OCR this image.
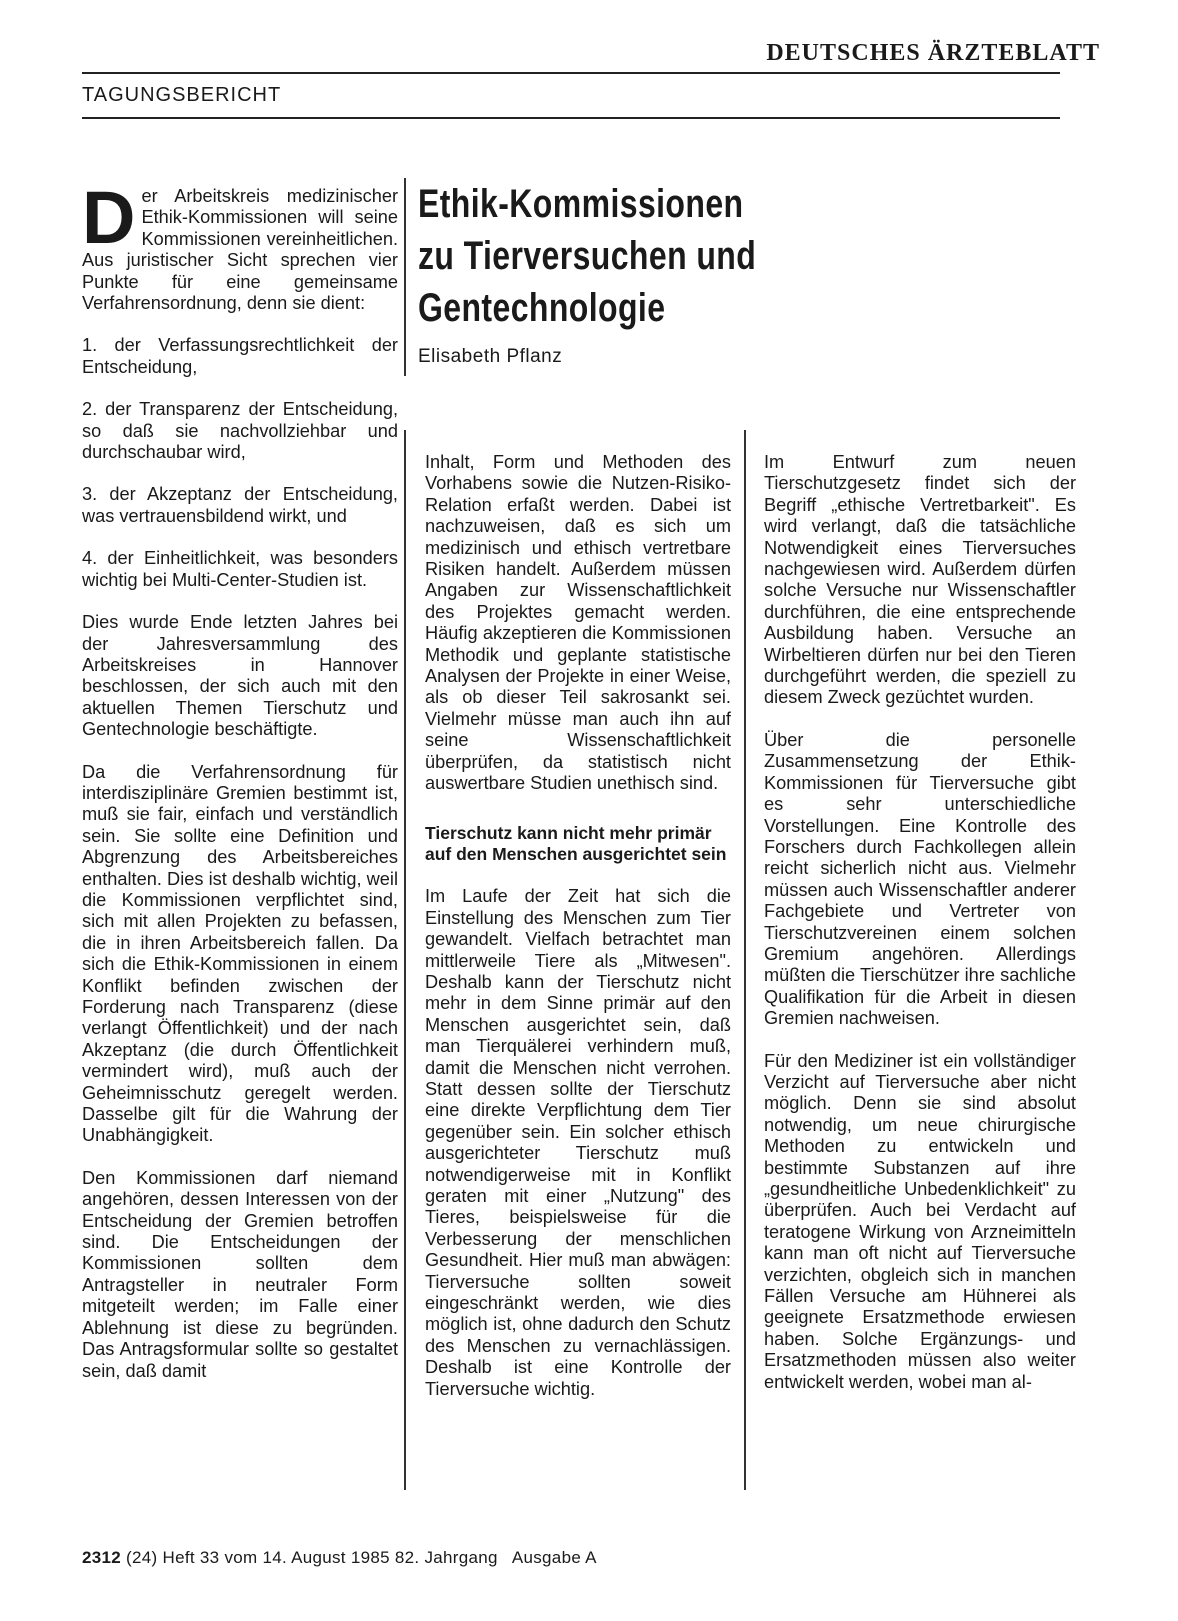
DEUTSCHES ÄRZTEBLATT
TAGUNGSBERICHT

Der Arbeitskreis medizinischer Ethik-Kommissionen will seine Kommissionen vereinheitlichen. Aus juristischer Sicht sprechen vier Punkte für eine gemeinsame Verfahrensordnung, denn sie dient:

1. der Verfassungsrechtlichkeit der Entscheidung,

2. der Transparenz der Entscheidung, so daß sie nachvollziehbar und durchschaubar wird,

3. der Akzeptanz der Entscheidung, was vertrauensbildend wirkt, und

4. der Einheitlichkeit, was besonders wichtig bei Multi-Center-Studien ist.

Dies wurde Ende letzten Jahres bei der Jahresversammlung des Arbeitskreises in Hannover beschlossen, der sich auch mit den aktuellen Themen Tierschutz und Gentechnologie beschäftigte.

Da die Verfahrensordnung für interdisziplinäre Gremien bestimmt ist, muß sie fair, einfach und verständlich sein. Sie sollte eine Definition und Abgrenzung des Arbeitsbereiches enthalten. Dies ist deshalb wichtig, weil die Kommissionen verpflichtet sind, sich mit allen Projekten zu befassen, die in ihren Arbeitsbereich fallen. Da sich die Ethik-Kommissionen in einem Konflikt befinden zwischen der Forderung nach Transparenz (diese verlangt Öffentlichkeit) und der nach Akzeptanz (die durch Öffentlichkeit vermindert wird), muß auch der Geheimnisschutz geregelt werden. Dasselbe gilt für die Wahrung der Unabhängigkeit.

Den Kommissionen darf niemand angehören, dessen Interessen von der Entscheidung der Gremien betroffen sind. Die Entscheidungen der Kommissionen sollten dem Antragsteller in neutraler Form mitgeteilt werden; im Falle einer Ablehnung ist diese zu begründen. Das Antragsformular sollte so gestaltet sein, daß damit

Ethik-Kommissionen
zu Tierversuchen und Gentechnologie
Elisabeth Pflanz

Inhalt, Form und Methoden des Vorhabens sowie die Nutzen-Risiko-Relation erfaßt werden. Dabei ist nachzuweisen, daß es sich um medizinisch und ethisch vertretbare Risiken handelt. Außerdem müssen Angaben zur Wissenschaftlichkeit des Projektes gemacht werden. Häufig akzeptieren die Kommissionen Methodik und geplante statistische Analysen der Projekte in einer Weise, als ob dieser Teil sakrosankt sei. Vielmehr müsse man auch ihn auf seine Wissenschaftlichkeit überprüfen, da statistisch nicht auswertbare Studien unethisch sind.

Tierschutz kann nicht mehr primär auf den Menschen ausgerichtet sein

Im Laufe der Zeit hat sich die Einstellung des Menschen zum Tier gewandelt. Vielfach betrachtet man mittlerweile Tiere als „Mitwesen". Deshalb kann der Tierschutz nicht mehr in dem Sinne primär auf den Menschen ausgerichtet sein, daß man Tierquälerei verhindern muß, damit die Menschen nicht verrohen. Statt dessen sollte der Tierschutz eine direkte Verpflichtung dem Tier gegenüber sein. Ein solcher ethisch ausgerichteter Tierschutz muß notwendigerweise mit in Konflikt geraten mit einer „Nutzung" des Tieres, beispielsweise für die Verbesserung der menschlichen Gesundheit. Hier muß man abwägen: Tierversuche sollten soweit eingeschränkt werden, wie dies möglich ist, ohne dadurch den Schutz des Menschen zu vernachlässigen. Deshalb ist eine Kontrolle der Tierversuche wichtig.

Im Entwurf zum neuen Tierschutzgesetz findet sich der Begriff „ethische Vertretbarkeit". Es wird verlangt, daß die tatsächliche Notwendigkeit eines Tierversuches nachgewiesen wird. Außerdem dürfen solche Versuche nur Wissenschaftler durchführen, die eine entsprechende Ausbildung haben. Versuche an Wirbeltieren dürfen nur bei den Tieren durchgeführt werden, die speziell zu diesem Zweck gezüchtet wurden.

Über die personelle Zusammensetzung der Ethik-Kommissionen für Tierversuche gibt es sehr unterschiedliche Vorstellungen. Eine Kontrolle des Forschers durch Fachkollegen allein reicht sicherlich nicht aus. Vielmehr müssen auch Wissenschaftler anderer Fachgebiete und Vertreter von Tierschutzvereinen einem solchen Gremium angehören. Allerdings müßten die Tierschützer ihre sachliche Qualifikation für die Arbeit in diesen Gremien nachweisen.

Für den Mediziner ist ein vollständiger Verzicht auf Tierversuche aber nicht möglich. Denn sie sind absolut notwendig, um neue chirurgische Methoden zu entwickeln und bestimmte Substanzen auf ihre „gesundheitliche Unbedenklichkeit" zu überprüfen. Auch bei Verdacht auf teratogene Wirkung von Arzneimitteln kann man oft nicht auf Tierversuche verzichten, obgleich sich in manchen Fällen Versuche am Hühnerei als geeignete Ersatzmethode erwiesen haben. Solche Ergänzungs- und Ersatzmethoden müssen also weiter entwickelt werden, wobei man al-

2312 (24) Heft 33 vom 14. August 1985 82. Jahrgang   Ausgabe A
